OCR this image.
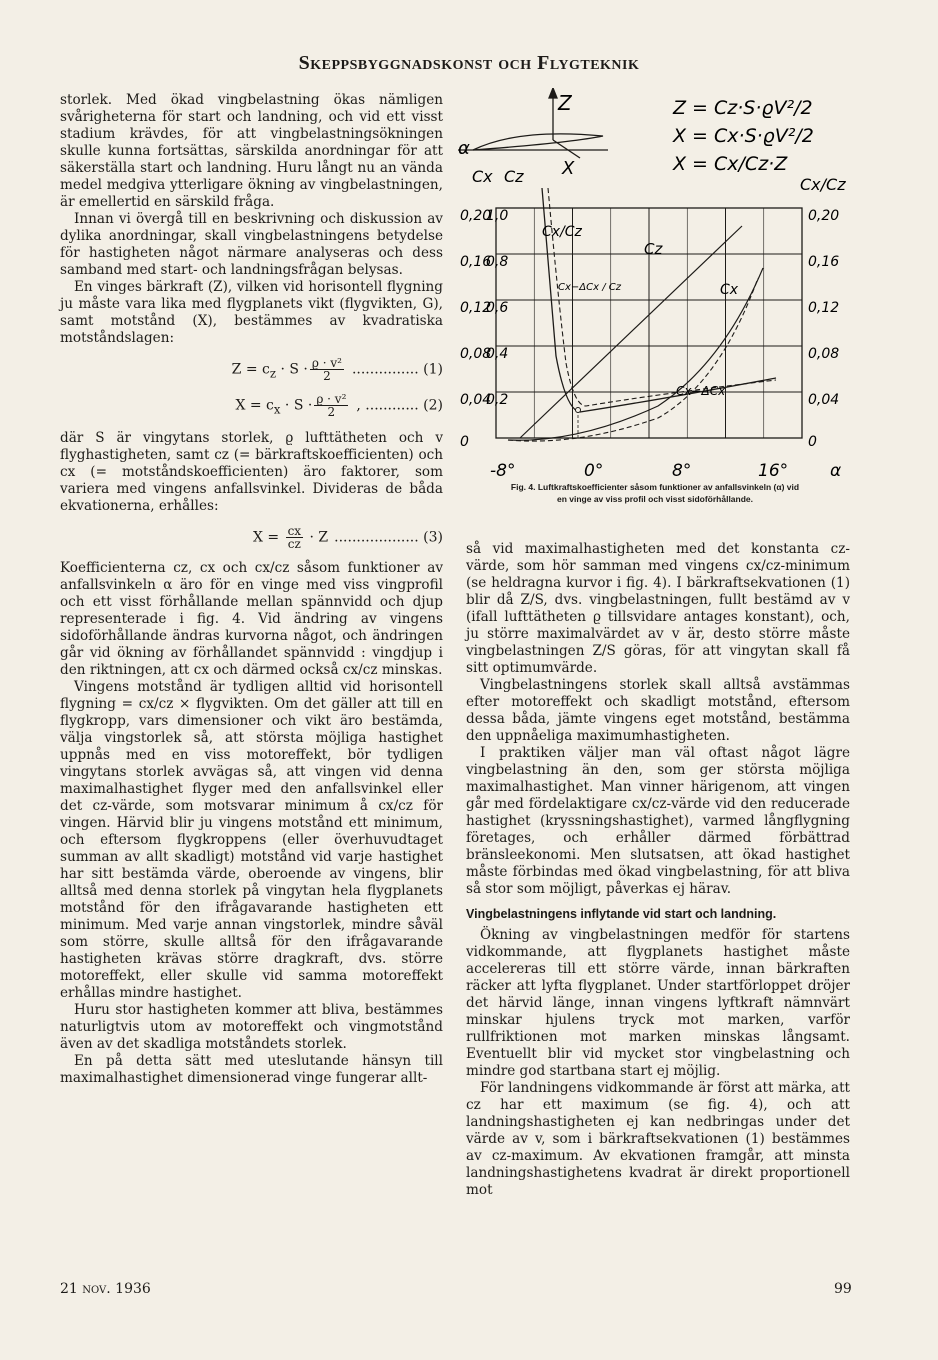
Skeppsbyggnadskonst och Flygteknik

storlek. Med ökad vingbelastning ökas nämligen svårigheterna för start och landning, och vid ett visst stadium krävdes, för att vingbelastningsökningen skulle kunna fortsättas, särskilda anordningar för att säkerställa start och landning. Huru långt nu an vända medel medgiva ytterligare ökning av vingbelastningen, är emellertid en särskild fråga.

Innan vi övergå till en beskrivning och diskussion av dylika anordningar, skall vingbelastningens betydelse för hastigheten något närmare analyseras och dess samband med start- och landningsfrågan belysas.

En vinges bärkraft (Z), vilken vid horisontell flygning ju måste vara lika med flygplanets vikt (flygvikten, G), samt motstånd (X), bestämmes av kvadratiska motståndslagen:

$Z = c_z \cdot S \cdot \frac{\text{ϱ · v²}}{2}$ ............... (1)
$X = c_x \cdot S \cdot \frac{\text{ϱ · v²}}{2}$ , ............ (2)

där S är vingytans storlek, ϱ lufttätheten och v flyghastigheten, samt cz (= bärkraftskoefficienten) och cx (= motståndskoefficienten) äro faktorer, som variera med vingens anfallsvinkel. Divideras de båda ekvationerna, erhålles:

$X = \frac{cx}{cz} \cdot Z$ ................... (3)

Koefficienterna cz, cx och cx/cz såsom funktioner av anfallsvinkeln α äro för en vinge med viss vingprofil och ett visst förhållande mellan spännvidd och djup representerade i fig. 4. Vid ändring av vingens sidoförhållande ändras kurvorna något, och ändringen går vid ökning av förhållandet spännvidd : vingdjup i den riktningen, att cx och därmed också cx/cz minskas.

Vingens motstånd är tydligen alltid vid horisontell flygning = cx/cz × flygvikten. Om det gäller att till en flygkropp, vars dimensioner och vikt äro bestämda, välja vingstorlek så, att största möjliga hastighet uppnås med en viss motoreffekt, bör tydligen vingytans storlek avvägas så, att vingen vid denna maximalhastighet flyger med den anfallsvinkel eller det cz-värde, som motsvarar minimum å cx/cz för vingen. Härvid blir ju vingens motstånd ett minimum, och eftersom flygkroppens (eller överhuvudtaget summan av allt skadligt) motstånd vid varje hastighet har sitt bestämda värde, oberoende av vingens, blir alltså med denna storlek på vingytan hela flygplanets motstånd för den ifrågavarande hastigheten ett minimum. Med varje annan vingstorlek, mindre såväl som större, skulle alltså för den ifrågavarande hastigheten krävas större dragkraft, dvs. större motoreffekt, eller skulle vid samma motoreffekt erhållas mindre hastighet.

Huru stor hastigheten kommer att bliva, bestämmes naturligtvis utom av motoreffekt och vingmotstånd även av det skadliga motståndets storlek.

En på detta sätt med uteslutande hänsyn till maximalhastighet dimensionerad vinge fungerar allt-

Z
X
α
Z = Cz·S·ϱV²/2
X = Cx·S·ϱV²/2
X = Cx/Cz·Z
Cx Cz	Cx/Cz
Cz
Cx
Cx/Cz
Cx−ΔCx / Cz
Cx−ΔCx
0,20
0,16
0,12
0,08
0,04
0
1,0
0,8
0,6
0,4
0,2
0,20
0,16
0,12
0,08
0,04
0
-8°	0°	8°	16° α
Fig. 4. Luftkraftskoefficienter såsom funktioner av anfallsvinkeln (α) vid en vinge av viss profil och visst sidoförhållande.

så vid maximalhastigheten med det konstanta cz-värde, som hör samman med vingens cx/cz-minimum (se heldragna kurvor i fig. 4). I bärkraftsekvationen (1) blir då Z/S, dvs. vingbelastningen, fullt bestämd av v (ifall lufttätheten ϱ tillsvidare antages konstant), och, ju större maximalvärdet av v är, desto större måste vingbelastningen Z/S göras, för att vingytan skall få sitt optimumvärde.

Vingbelastningens storlek skall alltså avstämmas efter motoreffekt och skadligt motstånd, eftersom dessa båda, jämte vingens eget motstånd, bestämma den uppnåeliga maximumhastigheten.

I praktiken väljer man väl oftast något lägre vingbelastning än den, som ger största möjliga maximalhastighet. Man vinner härigenom, att vingen går med fördelaktigare cx/cz-värde vid den reducerade hastighet (kryssningshastighet), varmed långflygning företages, och erhåller därmed förbättrad bränsleekonomi. Men slutsatsen, att ökad hastighet måste förbindas med ökad vingbelastning, för att bliva så stor som möjligt, påverkas ej härav.

Vingbelastningens inflytande vid start och landning.

Ökning av vingbelastningen medför för startens vidkommande, att flygplanets hastighet måste accelereras till ett större värde, innan bärkraften räcker att lyfta flygplanet. Under startförloppet dröjer det härvid länge, innan vingens lyftkraft nämnvärt minskar hjulens tryck mot marken, varför rullfriktionen mot marken minskas långsamt. Eventuellt blir vid mycket stor vingbelastning och mindre god startbana start ej möjlig.

För landningens vidkommande är först att märka, att cz har ett maximum (se fig. 4), och att landningshastigheten ej kan nedbringas under det värde av v, som i bärkraftsekvationen (1) bestämmes av cz-maximum. Av ekvationen framgår, att minsta landningshastighetens kvadrat är direkt proportionell mot

21 nov. 1936	99
